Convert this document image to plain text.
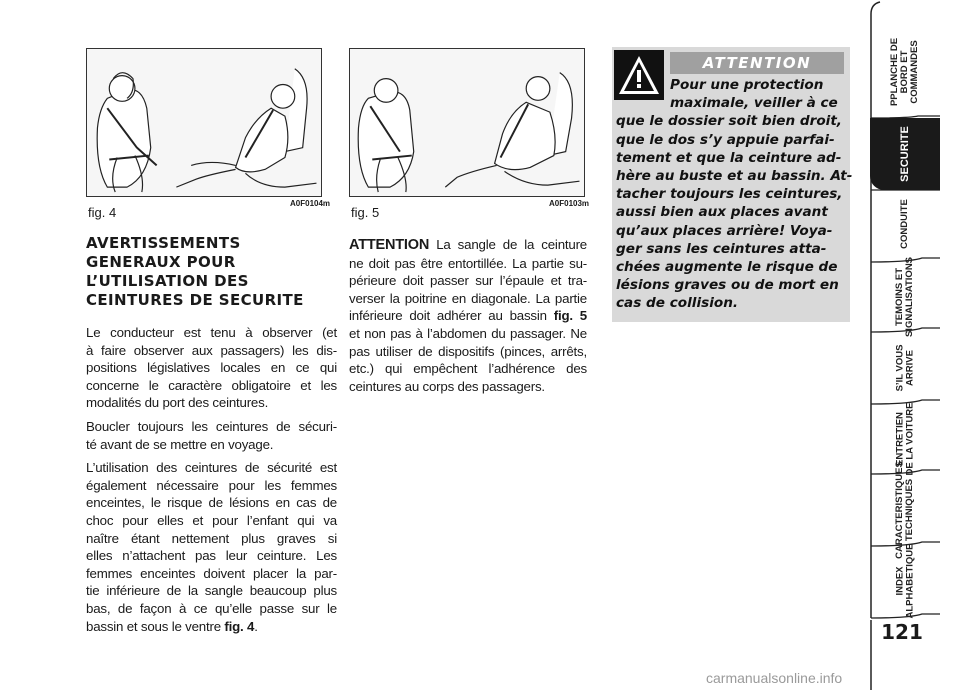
fig. 4
A0F0104m
fig. 5
A0F0103m
AVERTISSEMENTS
GENERAUX POUR
L’UTILISATION DES
CEINTURES DE SECURITE

Le conducteur est tenu à observer (et
à faire observer aux passagers) les dis-
positions législatives locales en ce qui
concerne le caractère obligatoire et les
modalités du port des ceintures.

Boucler toujours les ceintures de sécuri-
té avant de se mettre en voyage.

L’utilisation des ceintures de sécurité est
également nécessaire pour les femmes
enceintes, le risque de lésions en cas de
choc pour elles et pour l’enfant qui va
naître étant nettement plus graves si
elles n’attachent pas leur ceinture. Les
femmes enceintes doivent placer la par-
tie inférieure de la sangle beaucoup plus
bas, de façon à ce qu’elle passe sur le
bassin et sous le ventre fig. 4.

ATTENTION La sangle de la ceinture
ne doit pas être entortillée. La partie su-
périeure doit passer sur l’épaule et tra-
verser la poitrine en diagonale. La partie
inférieure doit adhérer au bassin fig. 5
et non pas à l’abdomen du passager. Ne
pas utiliser de dispositifs (pinces, arrêts,
etc.) qui empêchent l’adhérence des
ceintures au corps des passagers.

ATTENTION
Pour une protection
maximale, veiller à ce
que le dossier soit bien droit,
que le dos s’y appuie parfai-
tement et que la ceinture ad-
hère au buste et au bassin. At-
tacher toujours les ceintures,
aussi bien aux places avant
qu’aux places arrière! Voya-
ger sans les ceintures atta-
chées augmente le risque de
lésions graves ou de mort en
cas de collision.
PPLANCHE DE BORD ET COMMANDES
SECURITE
CONDUITE
TEMOINS ET SIGNALISATIONS
S’IL VOUS ARRIVE
ENTRETIEN DE LA VOITURE
CARACTERISTIQUES TECHNIQUES
INDEX ALPHABETIQUE
121
carmanualsonline.info
